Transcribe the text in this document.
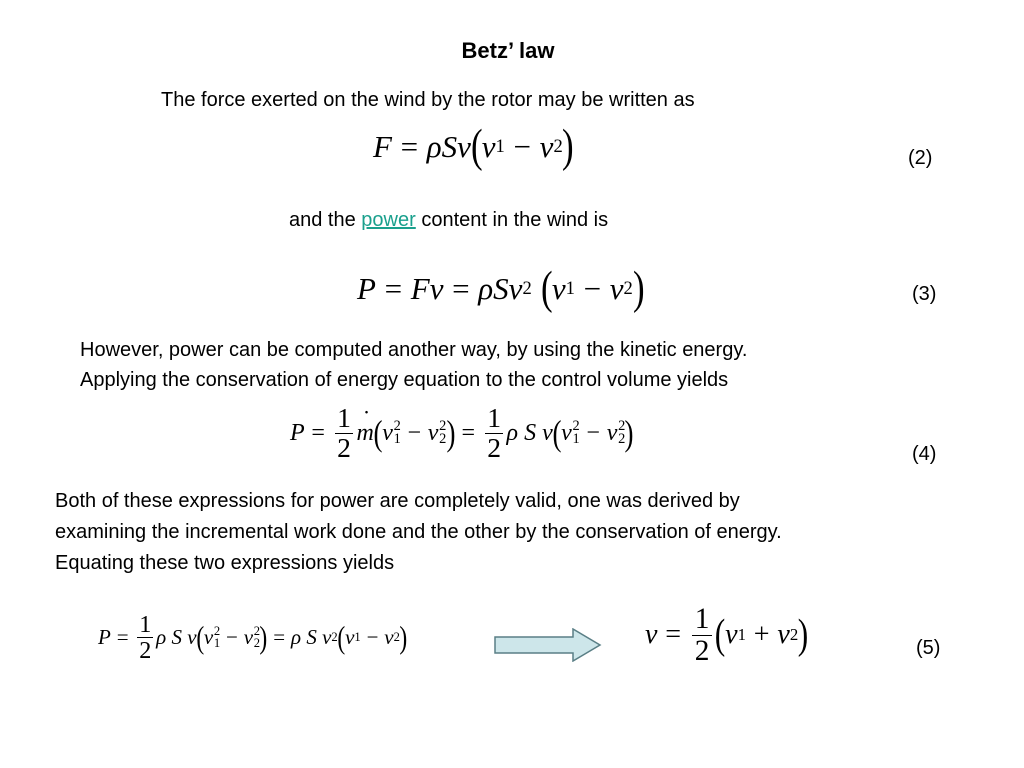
Betz’ law
The force exerted on the wind by the rotor may be written as
F = ρSv ( v 1 − v 2 )	(2)
and the power content in the wind is
P = Fv = ρSv 2 ( v 1 − v 2 )	(3)
However, power can be computed another way, by using the kinetic energy.
Applying the conservation of energy equation to the control volume yields
$P = \frac{1}{2}$ m ˙ ( v 2
1 − v 2
2 ) = $\frac{1}{2}$ ρ
S
v ( v 2
1 − v 2
2 )
(4)
Both of these expressions for power are completely valid, one was derived by
examining the incremental work done and the other by the conservation of energy.
Equating these two expressions yields
$P = \frac{1}{2}$ ρ
S
v ( v 2
1 − v 2
2 ) = ρ
S
v 2 ( v 1 − v 2 )	$v = \frac{1}{2}$ ( v 1 + v 2 )	(5)
